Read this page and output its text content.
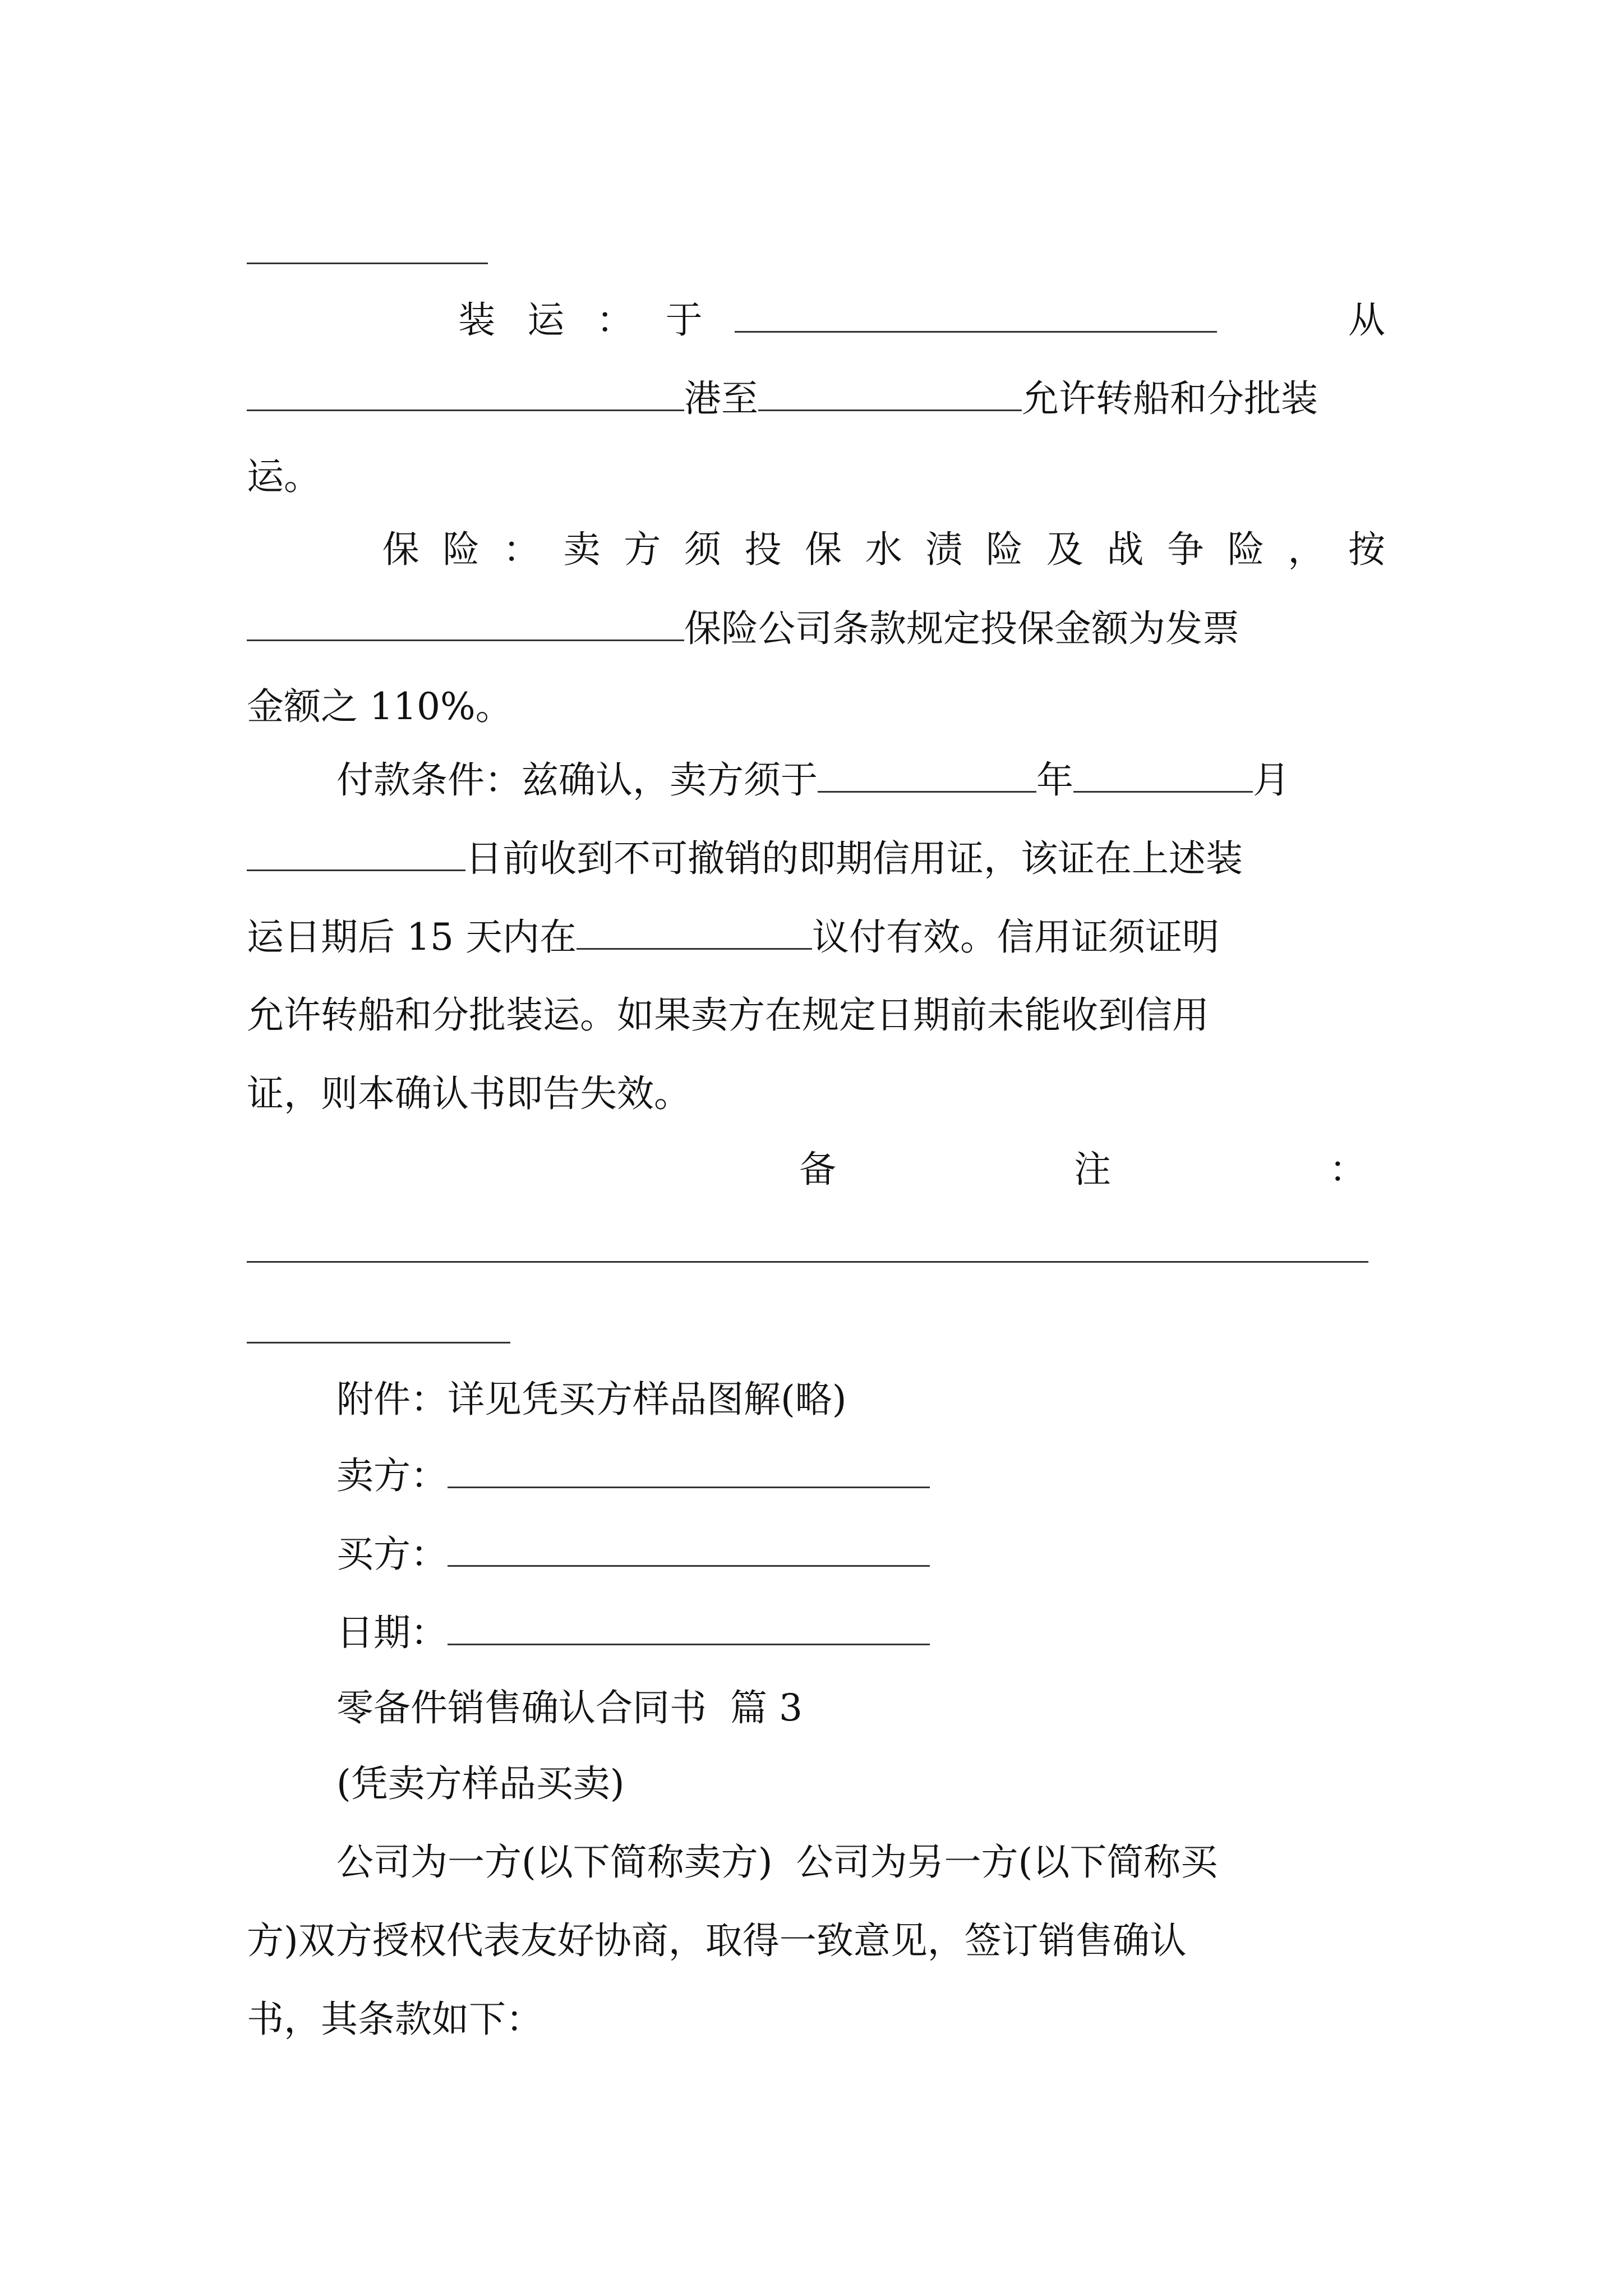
装 运 ： 于	从
港至	允许转船和分批装
运。
保 险 ： 卖 方 须 投 保 水 渍 险 及 战 争 险 ， 按
保险公司条款规定投保金额为发票
金额之 110%。
付款条件：兹确认，卖方须于	年	月
日前收到不可撤销的即期信用证，该证在上述装
运日期后 15 天内在	议付有效。信用证须证明
允许转船和分批装运。如果卖方在规定日期前未能收到信用
证，则本确认书即告失效。
备	注	：
附件：详见凭买方样品图解(略)
卖方：
买方：
日期：
零备件销售确认合同书  篇 3
(凭卖方样品买卖)
公司为一方(以下简称卖方)  公司为另一方(以下简称买
方)双方授权代表友好协商，取得一致意见，签订销售确认
书，其条款如下：
